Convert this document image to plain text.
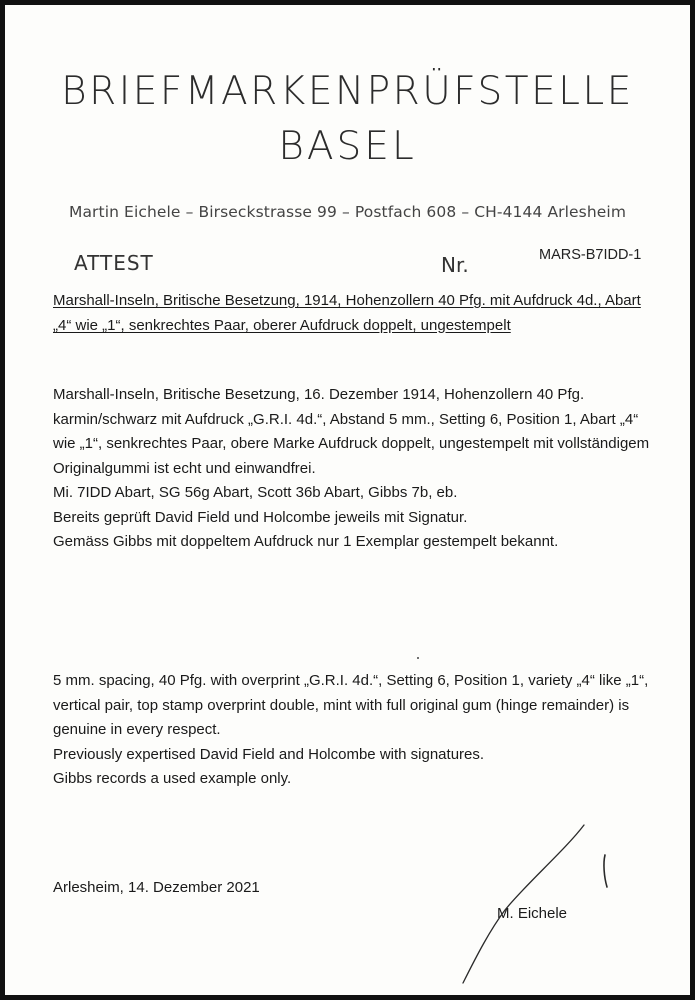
BRIEFMARKENPRÜFSTELLE
BASEL
Martin Eichele – Birseckstrasse 99 – Postfach 608 – CH-4144 Arlesheim
ATTEST	Nr.	MARS-B7IDD-1
Marshall-Inseln, Britische Besetzung, 1914, Hohenzollern 40 Pfg. mit Aufdruck 4d., Abart „4“ wie „1“, senkrechtes Paar, oberer Aufdruck doppelt, ungestempelt

Marshall-Inseln, Britische Besetzung, 16. Dezember 1914, Hohenzollern 40 Pfg. karmin/schwarz mit Aufdruck „G.R.I. 4d.“, Abstand 5 mm., Setting 6, Position 1, Abart „4“ wie „1“, senkrechtes Paar, obere Marke Aufdruck doppelt, ungestempelt mit vollständigem Originalgummi ist echt und einwandfrei.

Mi. 7IDD Abart, SG 56g Abart, Scott 36b Abart, Gibbs 7b, eb.

Bereits geprüft David Field und Holcombe jeweils mit Signatur.

Gemäss Gibbs mit doppeltem Aufdruck nur 1 Exemplar gestempelt bekannt.

5 mm. spacing, 40 Pfg. with overprint „G.R.I. 4d.“, Setting 6, Position 1, variety „4“ like „1“, vertical pair, top stamp overprint double, mint with full original gum (hinge remainder) is genuine in every respect.

Previously expertised David Field and Holcombe with signatures.

Gibbs records a used example only.

Arlesheim, 14. Dezember 2021
M. Eichele
